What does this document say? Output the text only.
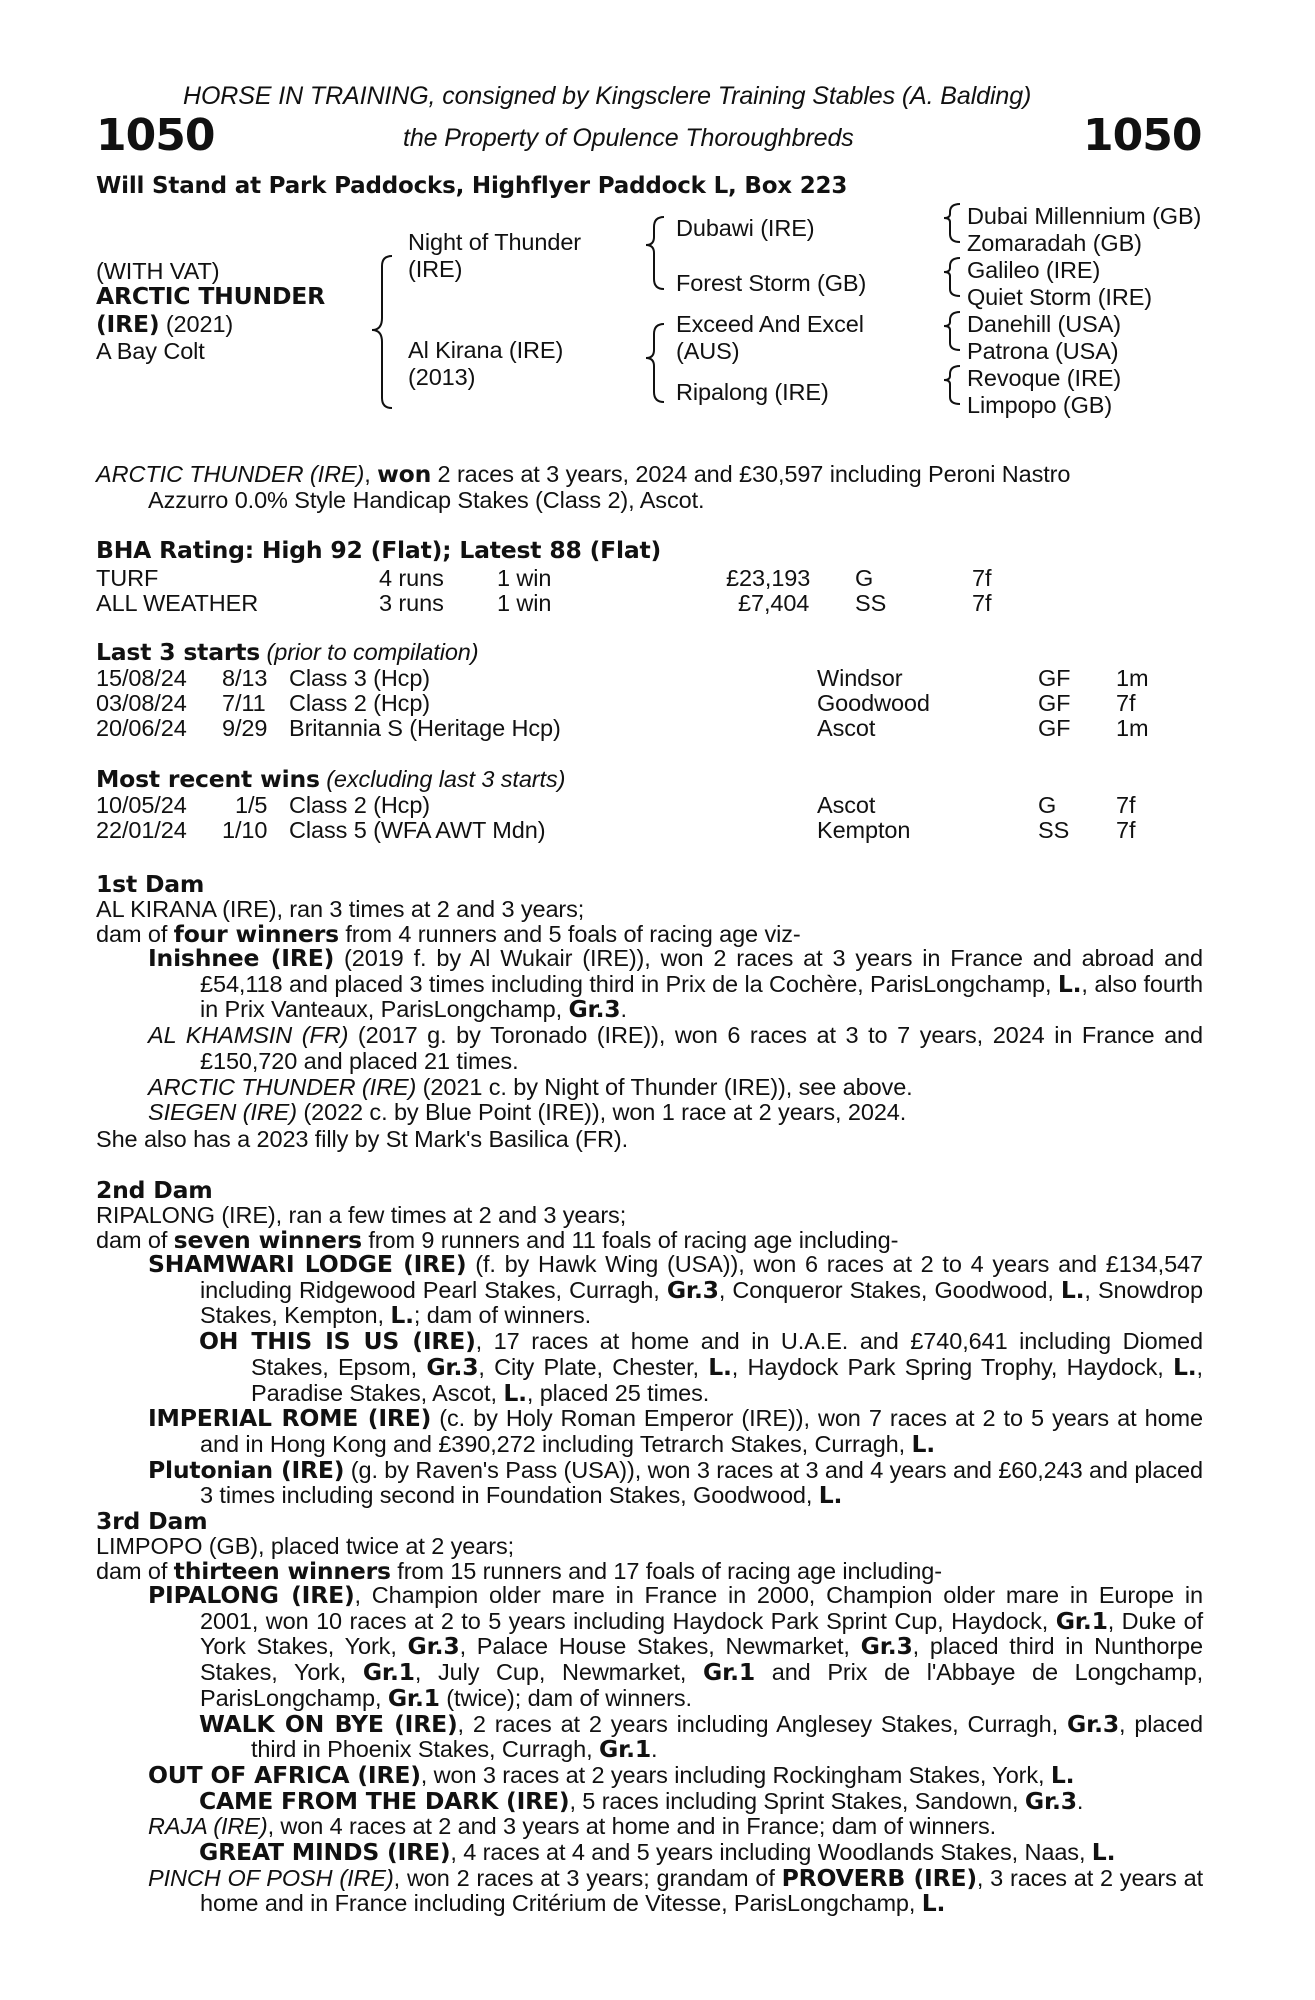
HORSE IN TRAINING, consigned by Kingsclere Training Stables (A. Balding)
1050	the Property of Opulence Thoroughbreds	1050
Will Stand at Park Paddocks, Highflyer Paddock L, Box 223
(WITH VAT)
ARCTIC THUNDER
(IRE) (2021)
A Bay Colt
Night of Thunder
(IRE)
Al Kirana (IRE)
(2013)
Dubawi (IRE)
Forest Storm (GB)
Exceed And Excel
(AUS)
Ripalong (IRE)
Dubai Millennium (GB)
Zomaradah (GB)
Galileo (IRE)
Quiet Storm (IRE)
Danehill (USA)
Patrona (USA)
Revoque (IRE)
Limpopo (GB)
ARCTIC THUNDER (IRE), won 2 races at 3 years, 2024 and £30,597 including Peroni Nastro
Azzurro 0.0% Style Handicap Stakes (Class 2), Ascot.
BHA Rating: High 92 (Flat); Latest 88 (Flat)
TURF	4 runs 1 win	£23,193 G	7f
ALL WEATHER	3 runs 1 win	£7,404 SS	7f
Last 3 starts (prior to compilation)
15/08/24 8/13 Class 3 (Hcp)	Windsor	GF 1m
03/08/24 7/11 Class 2 (Hcp)	Goodwood	GF 7f
20/06/24 9/29 Britannia S (Heritage Hcp)	Ascot	GF 1m
Most recent wins (excluding last 3 starts)
10/05/24 1/5 Class 2 (Hcp)	Ascot	G	7f
22/01/24 1/10 Class 5 (WFA AWT Mdn)	Kempton	SS 7f
1st Dam
AL KIRANA (IRE), ran 3 times at 2 and 3 years;
dam of four winners from 4 runners and 5 foals of racing age viz-
Inishnee (IRE) (2019 f. by Al Wukair (IRE)), won 2 races at 3 years in France and abroad and £54,118 and placed 3 times including third in Prix de la Cochère, ParisLongchamp, L., also fourth in Prix Vanteaux, ParisLongchamp, Gr.3.
AL KHAMSIN (FR) (2017 g. by Toronado (IRE)), won 6 races at 3 to 7 years, 2024 in France and £150,720 and placed 21 times.
ARCTIC THUNDER (IRE) (2021 c. by Night of Thunder (IRE)), see above.
SIEGEN (IRE) (2022 c. by Blue Point (IRE)), won 1 race at 2 years, 2024.
She also has a 2023 filly by St Mark's Basilica (FR).
2nd Dam
RIPALONG (IRE), ran a few times at 2 and 3 years;
dam of seven winners from 9 runners and 11 foals of racing age including-
SHAMWARI LODGE (IRE) (f. by Hawk Wing (USA)), won 6 races at 2 to 4 years and £134,547 including Ridgewood Pearl Stakes, Curragh, Gr.3, Conqueror Stakes, Goodwood, L., Snowdrop Stakes, Kempton, L.; dam of winners.
OH THIS IS US (IRE), 17 races at home and in U.A.E. and £740,641 including Diomed Stakes, Epsom, Gr.3, City Plate, Chester, L., Haydock Park Spring Trophy, Haydock, L., Paradise Stakes, Ascot, L., placed 25 times.
IMPERIAL ROME (IRE) (c. by Holy Roman Emperor (IRE)), won 7 races at 2 to 5 years at home and in Hong Kong and £390,272 including Tetrarch Stakes, Curragh, L.
Plutonian (IRE) (g. by Raven's Pass (USA)), won 3 races at 3 and 4 years and £60,243 and placed 3 times including second in Foundation Stakes, Goodwood, L.
3rd Dam
LIMPOPO (GB), placed twice at 2 years;
dam of thirteen winners from 15 runners and 17 foals of racing age including-
PIPALONG (IRE), Champion older mare in France in 2000, Champion older mare in Europe in 2001, won 10 races at 2 to 5 years including Haydock Park Sprint Cup, Haydock, Gr.1, Duke of York Stakes, York, Gr.3, Palace House Stakes, Newmarket, Gr.3, placed third in Nunthorpe Stakes, York, Gr.1, July Cup, Newmarket, Gr.1 and Prix de l'Abbaye de Longchamp, ParisLongchamp, Gr.1 (twice); dam of winners.
WALK ON BYE (IRE), 2 races at 2 years including Anglesey Stakes, Curragh, Gr.3, placed third in Phoenix Stakes, Curragh, Gr.1.
OUT OF AFRICA (IRE), won 3 races at 2 years including Rockingham Stakes, York, L.
CAME FROM THE DARK (IRE), 5 races including Sprint Stakes, Sandown, Gr.3.
RAJA (IRE), won 4 races at 2 and 3 years at home and in France; dam of winners.
GREAT MINDS (IRE), 4 races at 4 and 5 years including Woodlands Stakes, Naas, L.
PINCH OF POSH (IRE), won 2 races at 3 years; grandam of PROVERB (IRE), 3 races at 2 years at home and in France including Critérium de Vitesse, ParisLongchamp, L.
